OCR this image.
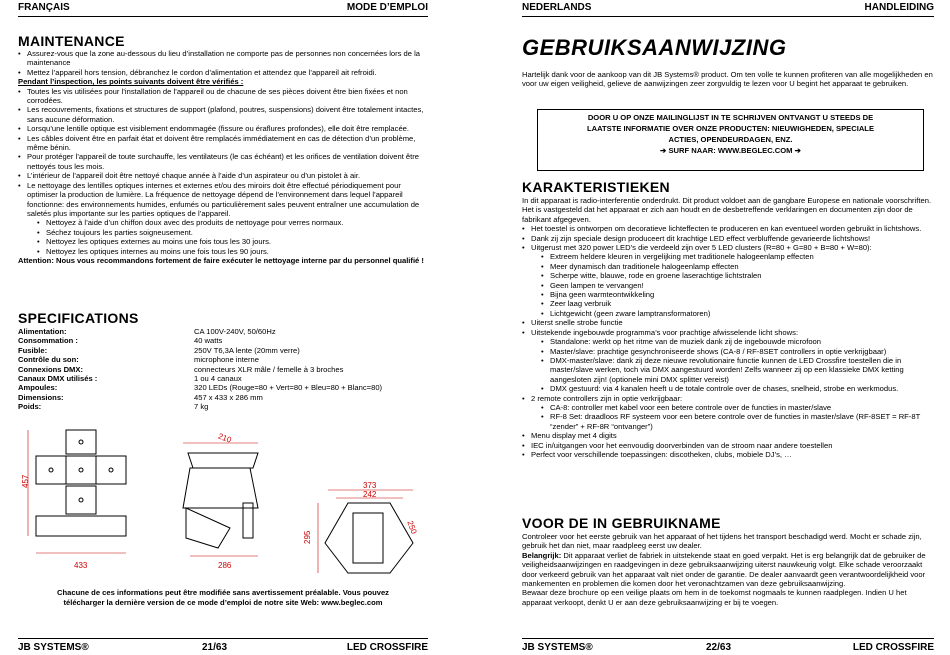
FRANÇAIS	MODE D’EMPLOI
MAINTENANCE
• Assurez-vous que la zone au-dessous du lieu d’installation ne comporte pas de personnes non concernées lors de la maintenance
• Mettez l’appareil hors tension, débranchez le cordon d’alimentation et attendez que l’appareil ait refroidi.

Pendant l’inspection, les points suivants doivent être vérifiés :

• Toutes les vis utilisées pour l’installation de l’appareil ou de chacune de ses pièces doivent être bien fixées et non corrodées.
• Les recouvrements, fixations et structures de support (plafond, poutres, suspensions) doivent être totalement intactes, sans aucune déformation.
• Lorsqu’une lentille optique est visiblement endommagée (fissure ou éraflures profondes), elle doit être remplacée.
• Les câbles doivent être en parfait état et doivent être remplacés immédiatement en cas de détection d’un problème, même bénin.
• Pour protéger l’appareil de toute surchauffe, les ventilateurs (le cas échéant) et les orifices de ventilation doivent être nettoyés tous les mois.
• L’intérieur de l’appareil doit être nettoyé chaque année à l’aide d’un aspirateur ou d’un pistolet à air.
• Le nettoyage des lentilles optiques internes et externes et/ou des miroirs doit être effectué périodiquement pour optimiser la production de lumière. La fréquence de nettoyage dépend de l’environnement dans lequel l’appareil fonctionne: des environnements humides, enfumés ou particulièrement sales peuvent entraîner une accumulation de saletés plus importante sur les parties optiques de l’appareil.
• Nettoyez à l’aide d’un chiffon doux avec des produits de nettoyage pour verres normaux.
• Séchez toujours les parties soigneusement.
• Nettoyez les optiques externes au moins une fois tous les 30 jours.
• Nettoyez les optiques internes au moins une fois tous les 90 jours.

Attention: Nous vous recommandons fortement de faire exécuter le nettoyage interne par du personnel qualifié !

SPECIFICATIONS
Alimentation:	CA 100V-240V, 50/60Hz
Consommation :	40 watts
Fusible:	250V T6,3A lente (20mm verre)
Contrôle du son:	microphone interne
Connexions DMX:	connecteurs XLR mâle / femelle à 3 broches
Canaux DMX utilisés :	1 ou 4 canaux
Ampoules:	320 LEDs (Rouge=80 + Vert=80 + Bleu=80 + Blanc=80)
Dimensions:	457 x 433 x 286 mm
Poids:	7 kg
457
433
210
286
373
242
250
295
Chacune de ces informations peut être modifiée sans avertissement préalable. Vous pouvez
télécharger la dernière version de ce mode d’emploi de notre site Web: www.beglec.com
JB SYSTEMS®	21/63	LED CROSSFIRE
NEDERLANDS	HANDLEIDING
GEBRUIKSAANWIJZING
Hartelijk dank voor de aankoop van dit JB Systems® product. Om ten volle te kunnen profiteren van alle mogelijkheden en voor uw eigen veiligheid, gelieve de aanwijzingen zeer zorgvuldig te lezen voor U begint het apparaat te gebruiken.
DOOR U OP ONZE MAILINGLIJST IN TE SCHRIJVEN ONTVANGT U STEEDS DE
LAATSTE INFORMATIE OVER ONZE PRODUCTEN: NIEUWIGHEDEN, SPECIALE
ACTIES, OPENDEURDAGEN, ENZ.
➔ SURF NAAR: WWW.BEGLEC.COM ➔
KARAKTERISTIEKEN

In dit apparaat is radio-interferentie onderdrukt. Dit product voldoet aan de gangbare Europese en nationale voorschriften. Het is vastgesteld dat het apparaat er zich aan houdt en de desbetreffende verklaringen en documenten zijn door de fabrikant afgegeven.

• Het toestel is ontworpen om decoratieve lichteffecten te produceren en kan eventueel worden gebruikt in lichtshows.
• Dank zij zijn speciale design produceert dit krachtige LED effect verbluffende gevarieerde lichtshows!
• Uitgerust met 320 power LED’s die verdeeld zijn over 5 LED clusters (R=80 + G=80 + B=80 + W=80):
• Extreem heldere kleuren in vergelijking met traditionele halogeenlamp effecten
• Meer dynamisch dan traditionele halogeenlamp effecten
• Scherpe witte, blauwe, rode en groene laserachtige lichtstralen
• Geen lampen te vervangen!
• Bijna geen warmteontwikkeling
• Zeer laag verbruik
• Lichtgewicht (geen zware lamptransformatoren)
• Uiterst snelle strobe functie
• Uitstekende ingebouwde programma’s voor prachtige afwisselende licht shows:
• Standalone: werkt op het ritme van de muziek dank zij de ingebouwde microfoon
• Master/slave: prachtige gesynchroniseerde shows (CA-8 / RF-8SET controllers in optie verkrijgbaar)
• DMX-master/slave: dank zij deze nieuwe revolutionaire functie kunnen de LED Crossfire toestellen die in master/slave werken, toch via DMX aangestuurd worden! Zelfs wanneer zij op een klassieke DMX ketting aangesloten zijn! (optionele mini DMX splitter vereist)
• DMX gestuurd: via 4 kanalen heeft u de totale controle over de chases, snelheid, strobe en werkmodus.
• 2 remote controllers zijn in optie verkrijgbaar:
• CA-8: controller met kabel voor een betere controle over de functies in master/slave
• RF-8 Set: draadloos RF systeem voor een betere controle over de functies in master/slave (RF-8SET = RF-8T “zender” + RF-8R “ontvanger”)
• Menu display met 4 digits
• IEC in/uitgangen voor het eenvoudig doorverbinden van de stroom naar andere toestellen
• Perfect voor verschillende toepassingen: discotheken, clubs, mobiele DJ’s, …
VOOR DE IN GEBRUIKNAME

Controleer voor het eerste gebruik van het apparaat of het tijdens het transport beschadigd werd. Mocht er schade zijn, gebruik het dan niet, maar raadpleeg eerst uw dealer.

Belangrijk: Dit apparaat verliet de fabriek in uitstekende staat en goed verpakt. Het is erg belangrijk dat de gebruiker de veiligheidsaanwijzingen en raadgevingen in deze gebruiksaanwijzing uiterst nauwkeurig volgt. Elke schade veroorzaakt door verkeerd gebruik van het apparaat valt niet onder de garantie. De dealer aanvaardt geen verantwoordelijkheid voor mankementen en problemen die komen door het veronachtzamen van deze gebruiksaanwijzing.

Bewaar deze brochure op een veilige plaats om hem in de toekomst nogmaals te kunnen raadplegen. Indien U het apparaat verkoopt, denkt U er aan deze gebruiksaanwijzing er bij te voegen.

JB SYSTEMS®	22/63	LED CROSSFIRE
